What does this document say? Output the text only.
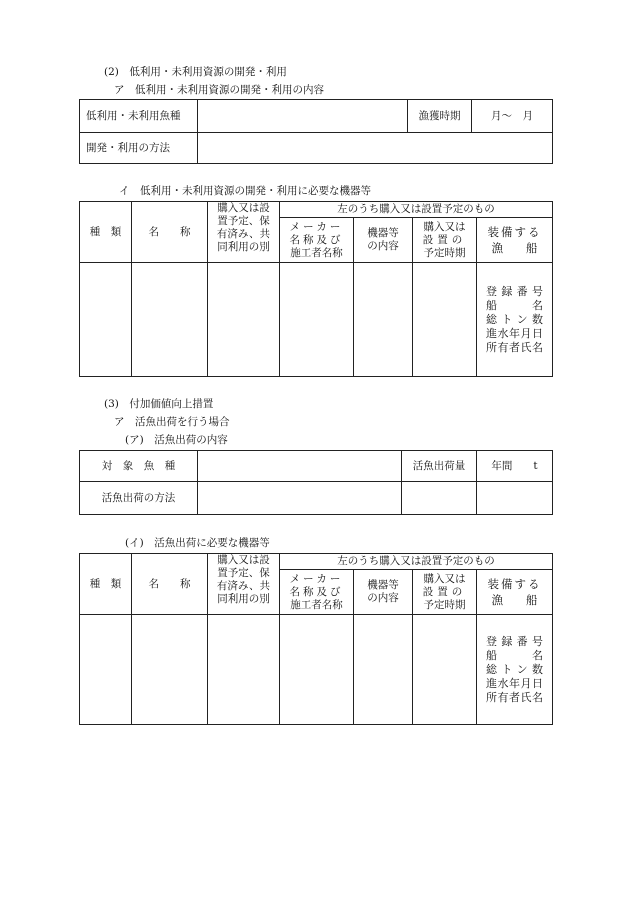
(2)　低利用・未利用資源の開発・利用
ア　低利用・未利用資源の開発・利用の内容
低利用・未利用魚種		漁獲時期	月～　月
開発・利用の方法			
イ　低利用・未利用資源の開発・利用に必要な機器等
種　類	名　　称	購入又は設
置予定、保
有済み、共
同利用の別	左のうち購入又は設置予定のもの			

			メーカー
名称及び
施工者名称	機器等
の内容	購入又は
設置の
予定時期	装備する
漁　　船

						登録番号
船　　名
総トン数
進水年月日
所有者氏名
(3)　付加価値向上措置
ア　活魚出荷を行う場合
(ア)　活魚出荷の内容
対　象　魚　種		活魚出荷量	年間　　t
活魚出荷の方法			
(イ)　活魚出荷に必要な機器等
種　類	名　　称	購入又は設
置予定、保
有済み、共
同利用の別	左のうち購入又は設置予定のもの			

			メーカー
名称及び
施工者名称	機器等
の内容	購入又は
設置の
予定時期	装備する
漁　　船

						登録番号
船　　名
総トン数
進水年月日
所有者氏名
